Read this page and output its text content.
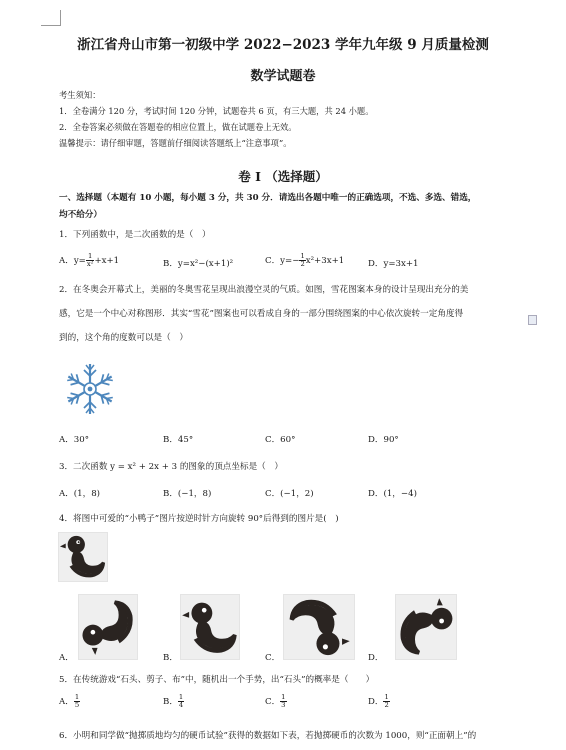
浙江省舟山市第一初级中学 2022−2023 学年九年级 9 月质量检测
数学试题卷
考生须知：
1．全卷满分 120 分，考试时间 120 分钟，试题卷共 6 页，有三大题，共 24 小题。
2．全卷答案必须做在答题卷的相应位置上，做在试题卷上无效。
温馨提示：请仔细审题，答题前仔细阅读答题纸上“注意事项”。
卷 I （选择题）
一、选择题（本题有 10 小题，每小题 3 分，共 30 分．请选出各题中唯一的正确选项，不选、多选、错选，
均不给分）
1．下列函数中，是二次函数的是（　）
A．$y= \frac{1}{\text{x²}} +x+1$	B．y=x²−(x+1)²	C．$y=- \frac{1}{2} x^2+3x+1$	D．y=3x+1
2．在冬奥会开幕式上，美丽的冬奥雪花呈现出浪漫空灵的气质。如图，雪花图案本身的设计呈现出充分的美
感，它是一个中心对称图形．其实“雪花”图案也可以看成自身的一部分围绕图案的中心依次旋转一定角度得
到的，这个角的度数可以是（　）
A．30°	B．45°	C．60°	D．90°
3．二次函数 y = x² + 2x + 3 的图象的顶点坐标是（　）
A．(1，8)	B．(−1，8)	C．(−1，2)	D．(1，−4)
4．将图中可爱的“小鸭子”图片按逆时针方向旋转 90°后得到的图片是(　)
A．	B．	C．	D．
5．在传统游戏“石头、剪子、布”中，随机出一个手势，出“石头”的概率是（　　）
A． $\frac{1}{5}$	B． $\frac{1}{4}$	C． $\frac{1}{3}$	D． $\frac{1}{2}$
6．小明和同学做“抛掷质地均匀的硬币试验”获得的数据如下表，若抛掷硬币的次数为 1000，则“正面朝上”的
